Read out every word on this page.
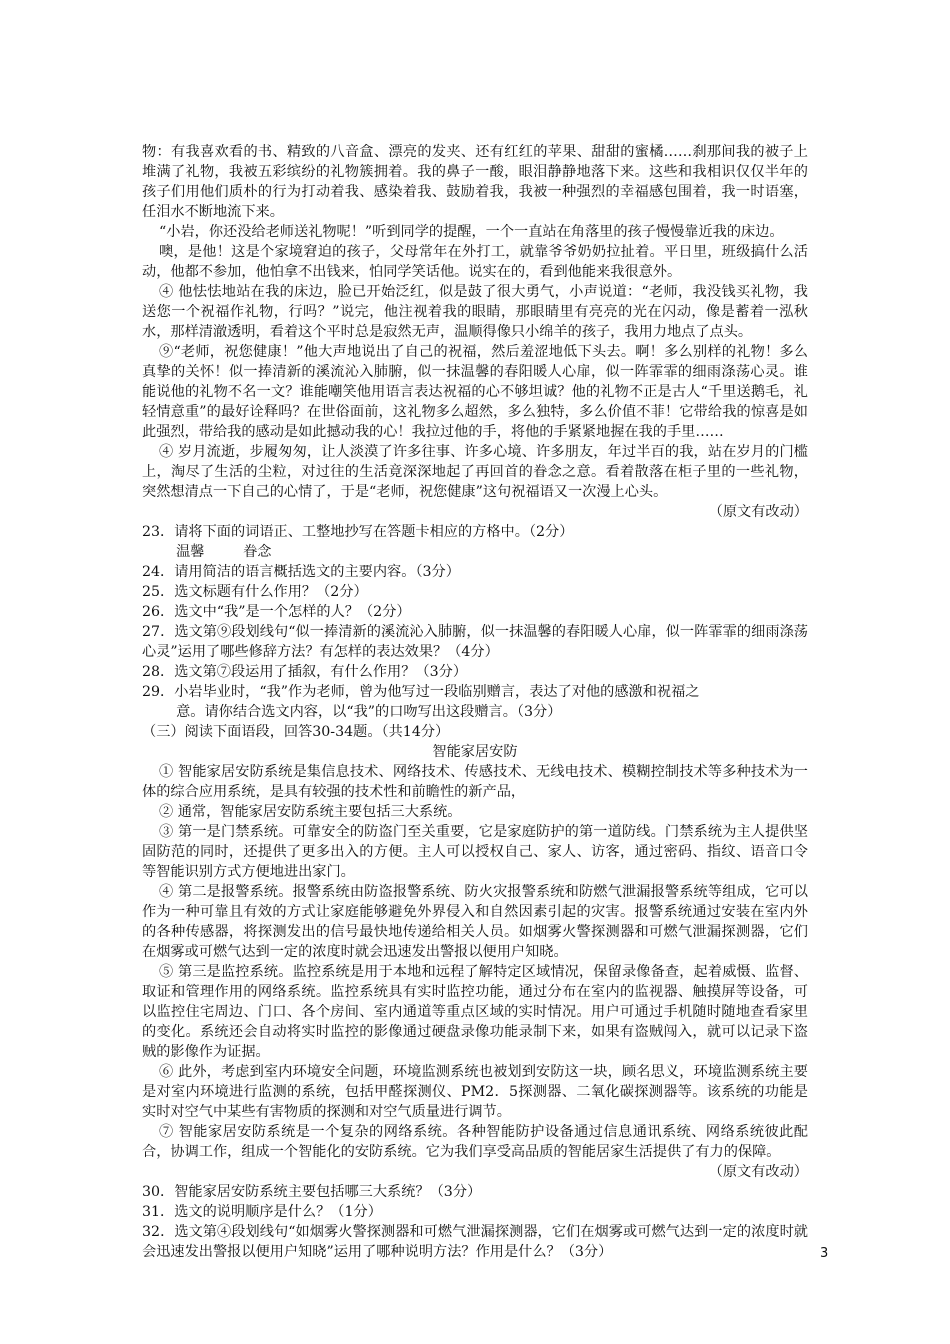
物：有我喜欢看的书、精致的八音盒、漂亮的发夹、还有红红的苹果、甜甜的蜜橘……刹那间我的被子上堆满了礼物，我被五彩缤纷的礼物簇拥着。我的鼻子一酸，眼泪静静地落下来。这些和我相识仅仅半年的孩子们用他们质朴的行为打动着我、感染着我、鼓励着我，我被一种强烈的幸福感包围着，我一时语塞，任泪水不断地流下来。

“小岩，你还没给老师送礼物呢！”听到同学的提醒，一个一直站在角落里的孩子慢慢靠近我的床边。

噢，是他！这是个家境窘迫的孩子，父母常年在外打工，就靠爷爷奶奶拉扯着。平日里，班级搞什么活动，他都不参加，他怕拿不出钱来，怕同学笑话他。说实在的，看到他能来我很意外。

④ 他怯怯地站在我的床边，脸已开始泛红，似是鼓了很大勇气，小声说道：“老师，我没钱买礼物，我送您一个祝福作礼物，行吗？”说完，他注视着我的眼睛，那眼睛里有亮亮的光在闪动，像是蓄着一泓秋水，那样清澈透明，看着这个平时总是寂然无声，温顺得像只小绵羊的孩子，我用力地点了点头。

⑨“老师，祝您健康！”他大声地说出了自己的祝福，然后羞涩地低下头去。啊！多么别样的礼物！多么真挚的关怀！似一捧清新的溪流沁入肺腑，似一抹温馨的春阳暖人心扉，似一阵霏霏的细雨涤荡心灵。谁能说他的礼物不名一文？谁能嘲笑他用语言表达祝福的心不够坦诚？他的礼物不正是古人“千里送鹅毛，礼轻情意重”的最好诠释吗？在世俗面前，这礼物多么超然，多么独特，多么价值不菲！它带给我的惊喜是如此强烈，带给我的感动是如此撼动我的心！我拉过他的手，将他的手紧紧地握在我的手里……

④ 岁月流逝，步履匆匆，让人淡漠了许多往事、许多心境、许多朋友，年过半百的我，站在岁月的门槛上，淘尽了生活的尘粒，对过往的生活竟深深地起了再回首的眷念之意。看着散落在柜子里的一些礼物，突然想清点一下自己的心情了，于是“老师，祝您健康”这句祝福语又一次漫上心头。

（原文有改动）

23．请将下面的词语正、工整地抄写在答题卡相应的方格中。（2分）

温馨	眷念

24．请用简洁的语言概括选文的主要内容。（3分）

25．选文标题有什么作用？（2分）

26．选文中“我”是一个怎样的人？（2分）

27．选文第⑨段划线句“似一捧清新的溪流沁入肺腑，似一抹温馨的春阳暖人心扉，似一阵霏霏的细雨涤荡心灵”运用了哪些修辞方法？有怎样的表达效果？（4分）

28．选文第⑦段运用了插叙，有什么作用？（3分）

29．小岩毕业时，“我”作为老师，曾为他写过一段临别赠言，表达了对他的感激和祝福之

意。请你结合选文内容，以“我”的口吻写出这段赠言。（3分）

（三）阅读下面语段，回答30-34题。（共14分）

智能家居安防

① 智能家居安防系统是集信息技术、网络技术、传感技术、无线电技术、模糊控制技术等多种技术为一体的综合应用系统，是具有较强的技术性和前瞻性的新产品，

② 通常，智能家居安防系统主要包括三大系统。

③ 第一是门禁系统。可靠安全的防盗门至关重要，它是家庭防护的第一道防线。门禁系统为主人提供坚固防范的同时，还提供了更多出入的方便。主人可以授权自己、家人、访客，通过密码、指纹、语音口令等智能识别方式方便地进出家门。

④ 第二是报警系统。报警系统由防盗报警系统、防火灾报警系统和防燃气泄漏报警系统等组成，它可以作为一种可靠且有效的方式让家庭能够避免外界侵入和自然因素引起的灾害。报警系统通过安装在室内外的各种传感器，将探测发出的信号最快地传递给相关人员。如烟雾火警探测器和可燃气泄漏探测器，它们在烟雾或可燃气达到一定的浓度时就会迅速发出警报以便用户知晓。

⑤ 第三是监控系统。监控系统是用于本地和远程了解特定区域情况，保留录像备查，起着威慑、监督、取证和管理作用的网络系统。监控系统具有实时监控功能，通过分布在室内的监视器、触摸屏等设备，可以监控住宅周边、门口、各个房间、室内通道等重点区域的实时情况。用户可通过手机随时随地查看家里的变化。系统还会自动将实时监控的影像通过硬盘录像功能录制下来，如果有盗贼闯入，就可以记录下盗贼的影像作为证据。

⑥ 此外，考虑到室内环境安全问题，环境监测系统也被划到安防这一块，顾名思义，环境监测系统主要是对室内环境进行监测的系统，包括甲醛探测仪、PM2．5探测器、二氧化碳探测器等。该系统的功能是实时对空气中某些有害物质的探测和对空气质量进行调节。

⑦ 智能家居安防系统是一个复杂的网络系统。各种智能防护设备通过信息通讯系统、网络系统彼此配合，协调工作，组成一个智能化的安防系统。它为我们享受高品质的智能居家生活提供了有力的保障。

（原文有改动）

30．智能家居安防系统主要包括哪三大系统？（3分）

31．选文的说明顺序是什么？（1分）

32．选文第④段划线句“如烟雾火警探测器和可燃气泄漏探测器，它们在烟雾或可燃气达到一定的浓度时就会迅速发出警报以便用户知晓”运用了哪种说明方法？作用是什么？（3分）	3
